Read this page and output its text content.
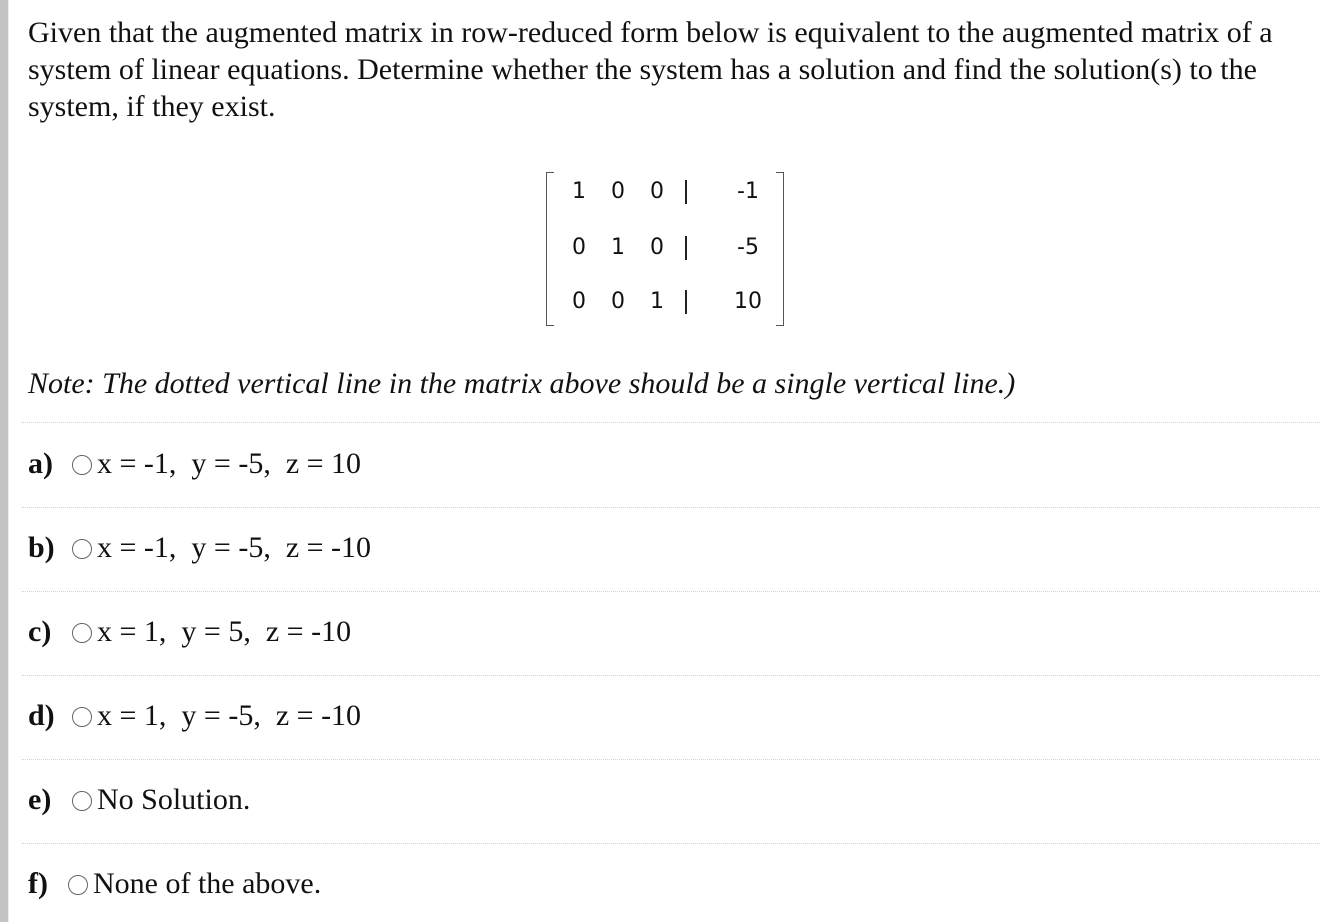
Given that the augmented matrix in row-reduced form below is equivalent to the augmented matrix of a system of linear equations. Determine whether the system has a solution and find the solution(s) to the system, if they exist.
1	0	0	-1
0	1	0	-5
0	0	1	10
Note: The dotted vertical line in the matrix above should be a single vertical line.)
a)	x = -1,  y = -5,  z = 10
b)	x = -1,  y = -5,  z = -10
c)	x = 1,  y = 5,  z = -10
d)	x = 1,  y = -5,  z = -10
e)	No Solution.
f)	None of the above.
